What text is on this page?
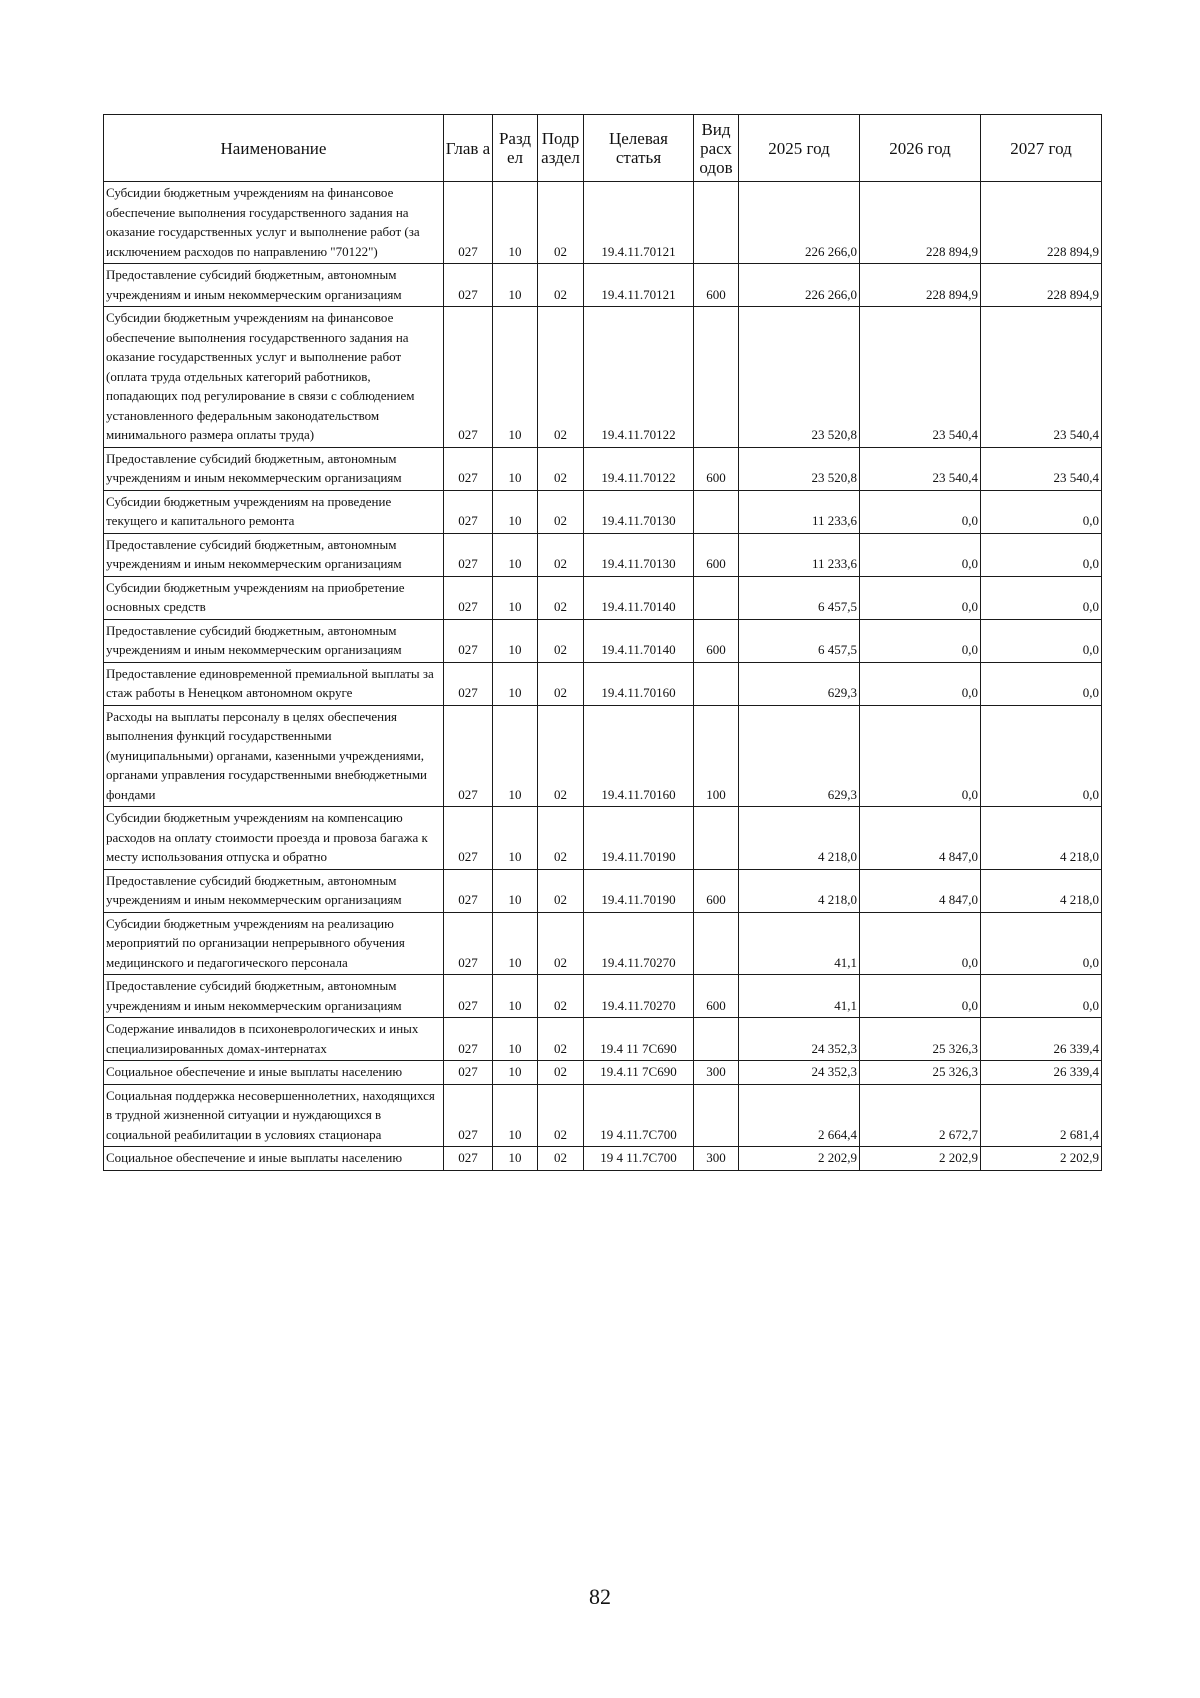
Наименование	Глав а	Разд ел	Подр аздел	Целевая статья	Вид расх одов	2025 год	2026 год	2027 год
Субсидии бюджетным учреждениям на финансовое обеспечение выполнения государственного задания на оказание государственных услуг и выполнение работ (за исключением расходов по направлению "70122")	027	10	02	19.4.11.70121		226 266,0	228 894,9	228 894,9
Предоставление субсидий бюджетным, автономным учреждениям и иным некоммерческим организациям	027	10	02	19.4.11.70121	600	226 266,0	228 894,9	228 894,9
Субсидии бюджетным учреждениям на финансовое обеспечение выполнения государственного задания на оказание государственных услуг и выполнение работ (оплата труда отдельных категорий работников, попадающих под регулирование в связи с соблюдением установленного федеральным законодательством минимального размера оплаты труда)	027	10	02	19.4.11.70122		23 520,8	23 540,4	23 540,4
Предоставление субсидий бюджетным, автономным учреждениям и иным некоммерческим организациям	027	10	02	19.4.11.70122	600	23 520,8	23 540,4	23 540,4
Субсидии бюджетным учреждениям на проведение текущего и капитального ремонта	027	10	02	19.4.11.70130		11 233,6	0,0	0,0
Предоставление субсидий бюджетным, автономным учреждениям и иным некоммерческим организациям	027	10	02	19.4.11.70130	600	11 233,6	0,0	0,0
Субсидии бюджетным учреждениям на приобретение основных средств	027	10	02	19.4.11.70140		6 457,5	0,0	0,0
Предоставление субсидий бюджетным, автономным учреждениям и иным некоммерческим организациям	027	10	02	19.4.11.70140	600	6 457,5	0,0	0,0
Предоставление единовременной премиальной выплаты за стаж работы в Ненецком автономном округе	027	10	02	19.4.11.70160		629,3	0,0	0,0
Расходы на выплаты персоналу в целях обеспечения выполнения функций государственными (муниципальными) органами, казенными учреждениями, органами управления государственными внебюджетными фондами	027	10	02	19.4.11.70160	100	629,3	0,0	0,0
Субсидии бюджетным учреждениям на компенсацию расходов на оплату стоимости проезда и провоза багажа к месту использования отпуска и обратно	027	10	02	19.4.11.70190		4 218,0	4 847,0	4 218,0
Предоставление субсидий бюджетным, автономным учреждениям и иным некоммерческим организациям	027	10	02	19.4.11.70190	600	4 218,0	4 847,0	4 218,0
Субсидии бюджетным учреждениям на реализацию мероприятий по организации непрерывного обучения медицинского и педагогического персонала	027	10	02	19.4.11.70270		41,1	0,0	0,0
Предоставление субсидий бюджетным, автономным учреждениям и иным некоммерческим организациям	027	10	02	19.4.11.70270	600	41,1	0,0	0,0
Содержание инвалидов в психоневрологических и иных специализированных домах-интернатах	027	10	02	19.4 11 7С690		24 352,3	25 326,3	26 339,4
Социальное обеспечение и иные выплаты населению	027	10	02	19.4.11 7С690	300	24 352,3	25 326,3	26 339,4
Социальная поддержка несовершеннолетних, находящихся в трудной жизненной ситуации и нуждающихся в социальной реабилитации в условиях стационара	027	10	02	19 4.11.7С700		2 664,4	2 672,7	2 681,4
Социальное обеспечение и иные выплаты населению	027	10	02	19 4 11.7С700	300	2 202,9	2 202,9	2 202,9
82
